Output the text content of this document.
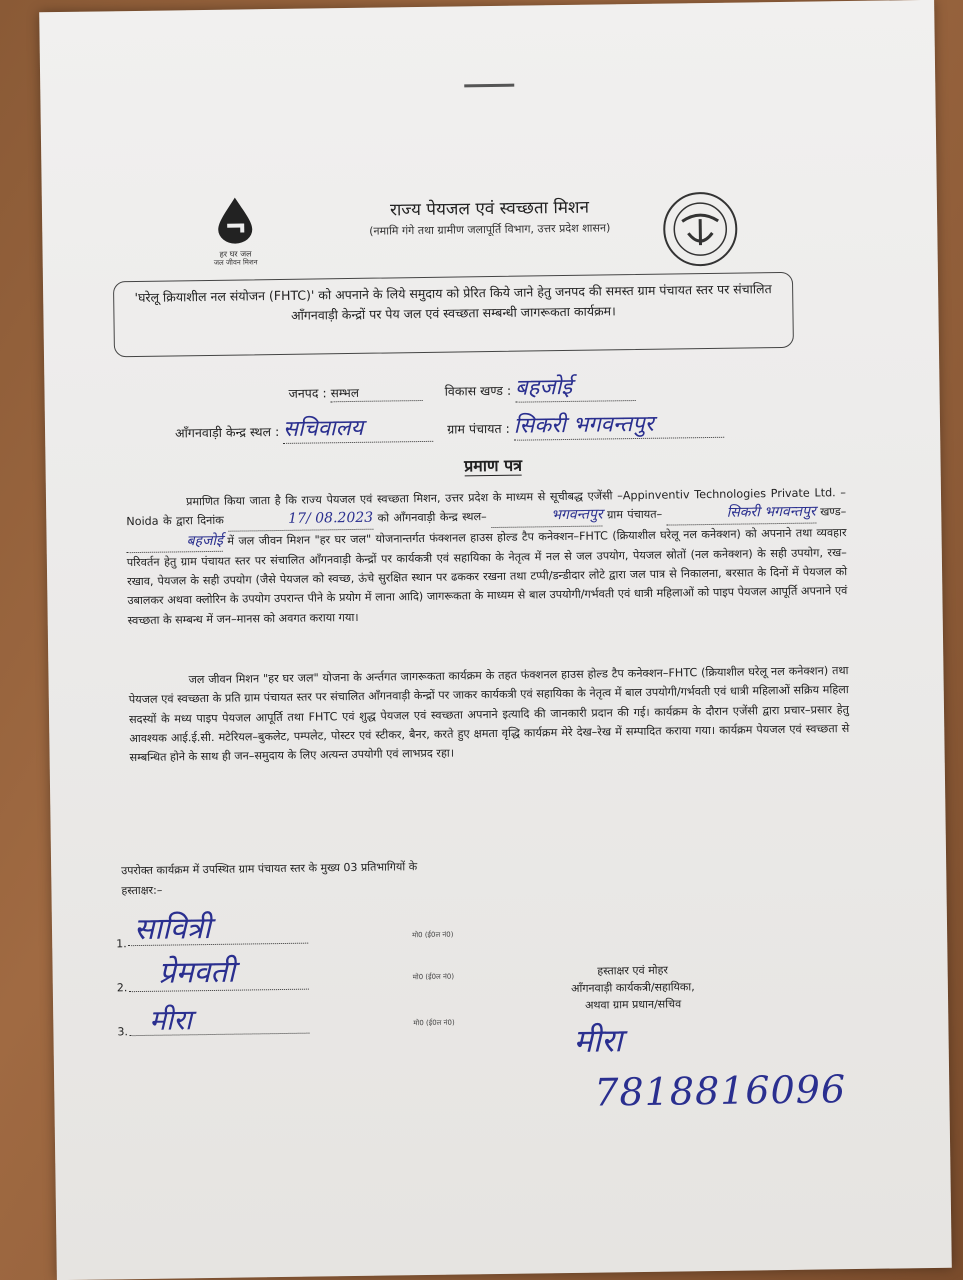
हर घर जल
जल जीवन मिशन
राज्य पेयजल एवं स्वच्छता मिशन
(नमामि गंगे तथा ग्रामीण जलापूर्ति विभाग, उत्तर प्रदेश शासन)
'घरेलू क्रियाशील नल संयोजन (FHTC)' को अपनाने के लिये समुदाय को प्रेरित किये जाने हेतु जनपद की समस्त ग्राम पंचायत स्तर पर संचालित आँगनवाड़ी केन्द्रों पर पेय जल एवं स्वच्छता सम्बन्धी जागरूकता कार्यक्रम।
जनपद : सम्भल	विकास खण्ड : बहजोई
आँगनवाड़ी केन्द्र स्थल : सचिवालय	ग्राम पंचायत : सिकरी भगवन्तपुर
प्रमाण पत्र
प्रमाणित किया जाता है कि राज्य पेयजल एवं स्वच्छता मिशन, उत्तर प्रदेश के माध्यम से सूचीबद्ध एजेंसी –Appinventiv Technologies Private Ltd. – Noida के द्वारा दिनांक	17/ 08.2023 को आँगनवाड़ी केन्द्र स्थल–	भगवन्तपुर ग्राम पंचायत–	सिकरी भगवन्तपुर खण्ड– बहजोई में जल जीवन मिशन "हर घर जल" योजनान्तर्गत फंक्शनल हाउस होल्ड टैप कनेक्शन–FHTC (क्रियाशील घरेलू नल कनेक्शन) को अपनाने तथा व्यवहार परिवर्तन हेतु ग्राम पंचायत स्तर पर संचालित आँगनवाड़ी केन्द्रों पर कार्यकत्री एवं सहायिका के नेतृत्व में नल से जल उपयोग, पेयजल स्रोतों (नल कनेक्शन) के सही उपयोग, रख–रखाव, पेयजल के सही उपयोग (जैसे पेयजल को स्वच्छ, ऊंचे सुरक्षित स्थान पर ढककर रखना तथा टप्पी/डन्डीदार लोटे द्वारा जल पात्र से निकालना, बरसात के दिनों में पेयजल को उबालकर अथवा क्लोरिन के उपयोग उपरान्त पीने के प्रयोग में लाना आदि) जागरूकता के माध्यम से बाल उपयोगी/गर्भवती एवं धात्री महिलाओं को पाइप पेयजल आपूर्ति अपनाने एवं स्वच्छता के सम्बन्ध में जन–मानस को अवगत कराया गया।
जल जीवन मिशन "हर घर जल" योजना के अर्न्तगत जागरूकता कार्यक्रम के तहत फंक्शनल हाउस होल्ड टैप कनेक्शन–FHTC (क्रियाशील घरेलू नल कनेक्शन) तथा पेयजल एवं स्वच्छता के प्रति ग्राम पंचायत स्तर पर संचालित आँगनवाड़ी केन्द्रों पर जाकर कार्यकत्री एवं सहायिका के नेतृत्व में बाल उपयोगी/गर्भवती एवं धात्री महिलाओं सक्रिय महिला सदस्यों के मध्य पाइप पेयजल आपूर्ति तथा FHTC एवं शुद्ध पेयजल एवं स्वच्छता अपनाने इत्यादि की जानकारी प्रदान की गई। कार्यक्रम के दौरान एजेंसी द्वारा प्रचार–प्रसार हेतु आवश्यक आई.ई.सी. मटेरियल–बुकलेट, पम्पलेट, पोस्टर एवं स्टीकर, बैनर, करते हुए क्षमता वृद्धि कार्यक्रम मेरे देख–रेख में सम्पादित कराया गया। कार्यक्रम पेयजल एवं स्वच्छता से सम्बन्धित होने के साथ ही जन–समुदाय के लिए अत्यन्त उपयोगी एवं लाभप्रद रहा।
उपरोक्त कार्यक्रम में उपस्थित ग्राम पंचायत स्तर के मुख्य 03 प्रतिभागियों के
हस्ताक्षर:–
1. सावित्री	मो0 (ई0ल नं0)
2. प्रेमवती	मो0 (ई0ल नं0)
3. मीरा	मो0 (ई0ल नं0)
हस्ताक्षर एवं मोहर
आँगनवाड़ी कार्यकत्री/सहायिका,
अथवा ग्राम प्रधान/सचिव
मीरा
7818816096
